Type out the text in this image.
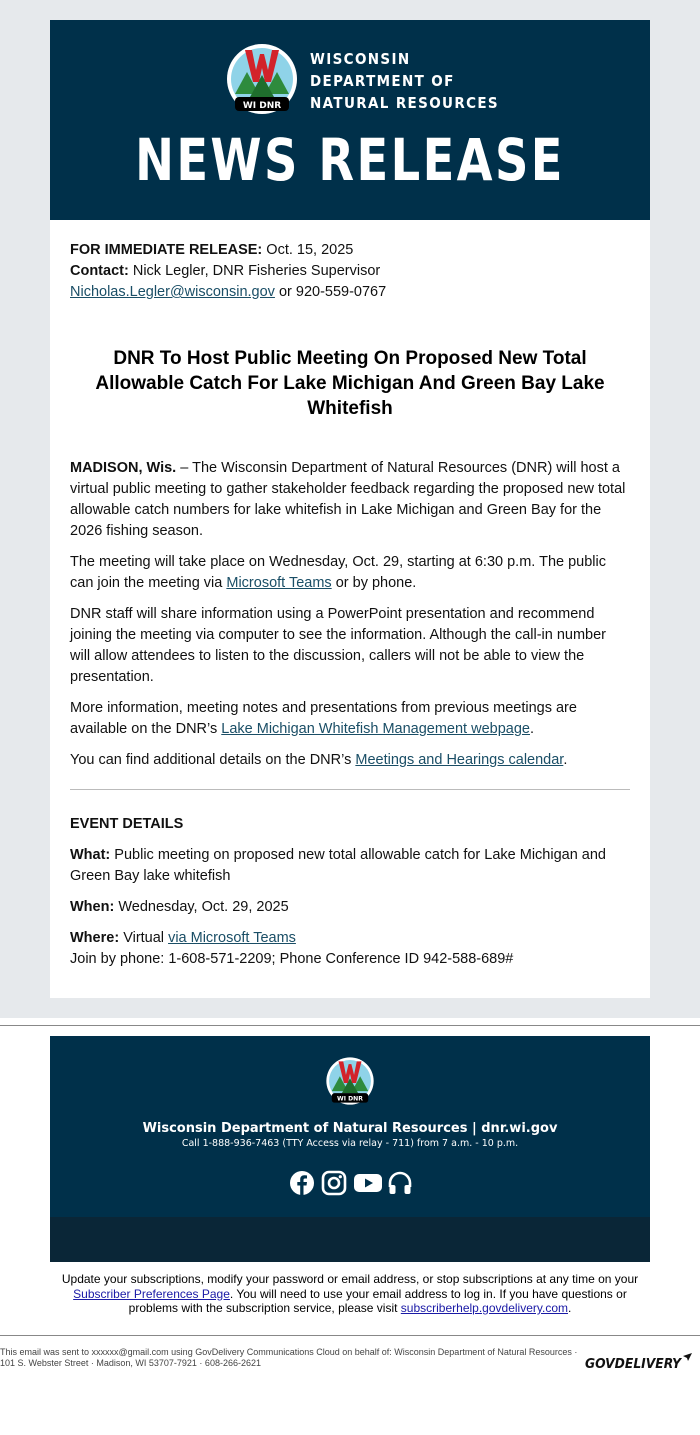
WI DNR
WISCONSIN
DEPARTMENT OF
NATURAL RESOURCES
NEWS RELEASE

FOR IMMEDIATE RELEASE: Oct. 15, 2025

Contact: Nick Legler, DNR Fisheries Supervisor

Nicholas.Legler@wisconsin.gov or 920-559-0767

DNR To Host Public Meeting On Proposed New Total Allowable Catch For Lake Michigan And Green Bay Lake Whitefish

MADISON, Wis. – The Wisconsin Department of Natural Resources (DNR) will host a virtual public meeting to gather stakeholder feedback regarding the proposed new total allowable catch numbers for lake whitefish in Lake Michigan and Green Bay for the 2026 fishing season.

The meeting will take place on Wednesday, Oct. 29, starting at 6:30 p.m. The public can join the meeting via Microsoft Teams or by phone.

DNR staff will share information using a PowerPoint presentation and recommend joining the meeting via computer to see the information. Although the call-in number will allow attendees to listen to the discussion, callers will not be able to view the presentation.

More information, meeting notes and presentations from previous meetings are available on the DNR’s Lake Michigan Whitefish Management webpage.

You can find additional details on the DNR’s Meetings and Hearings calendar.

EVENT DETAILS

What: Public meeting on proposed new total allowable catch for Lake Michigan and Green Bay lake whitefish

When: Wednesday, Oct. 29, 2025

Where: Virtual via Microsoft Teams

Join by phone: 1-608-571-2209; Phone Conference ID 942-588-689#

WI DNR
Wisconsin Department of Natural Resources | dnr.wi.gov
Call 1-888-936-7463 (TTY Access via relay - 711) from 7 a.m. - 10 p.m.
.gov
Update your subscriptions, modify your password or email address, or stop subscriptions at any time on your Subscriber Preferences Page. You will need to use your email address to log in. If you have questions or problems with the subscription service, please visit subscriberhelp.govdelivery.com.
This email was sent to xxxxxx@gmail.com using GovDelivery Communications Cloud on behalf of: Wisconsin Department of Natural Resources · 101 S. Webster Street · Madison, WI 53707-7921 · 608-266-2621	GOVDELIVERY
